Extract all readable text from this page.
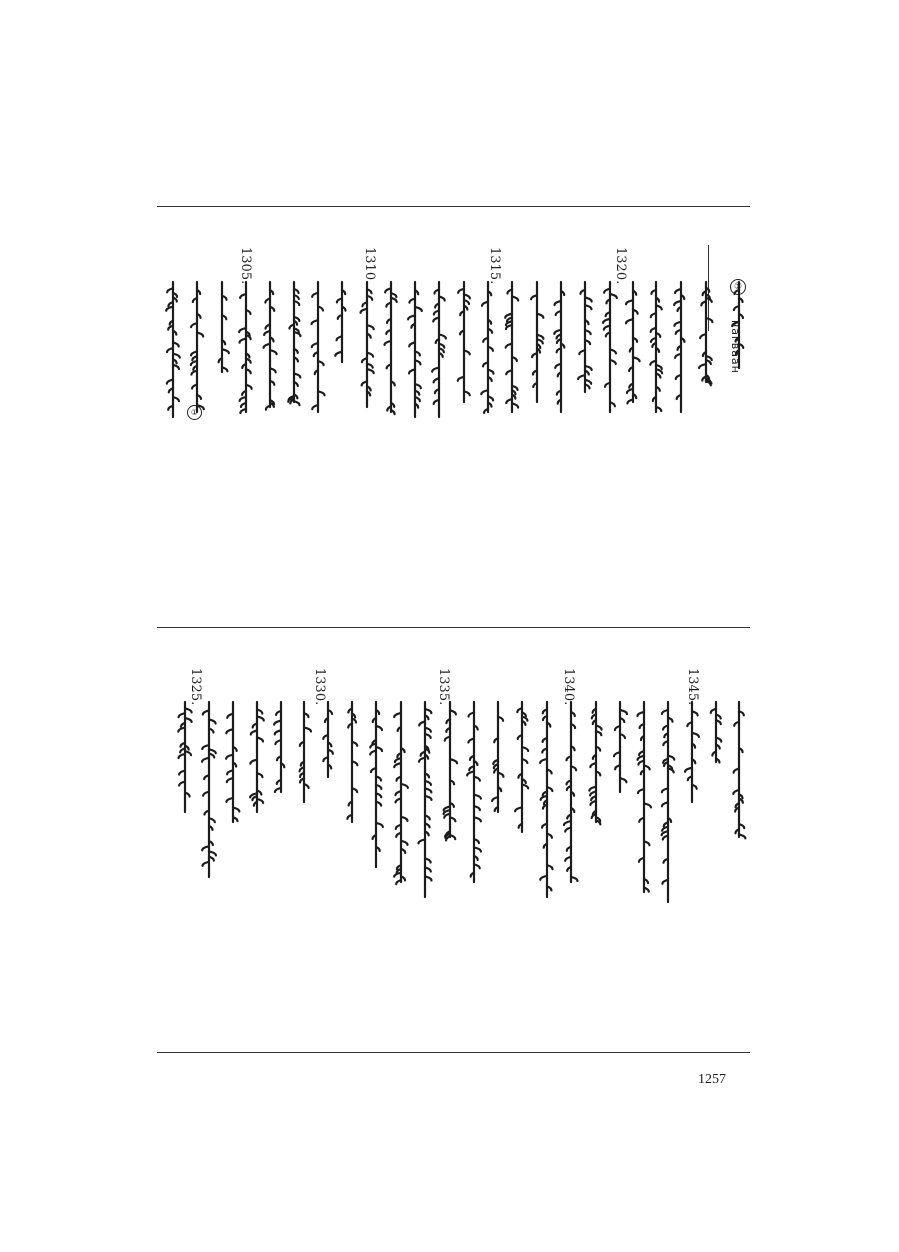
①
нагваан
1320.
1315.
1310.
1305.
①
1345.
1340.
1335.
1330.
1325.
1257
